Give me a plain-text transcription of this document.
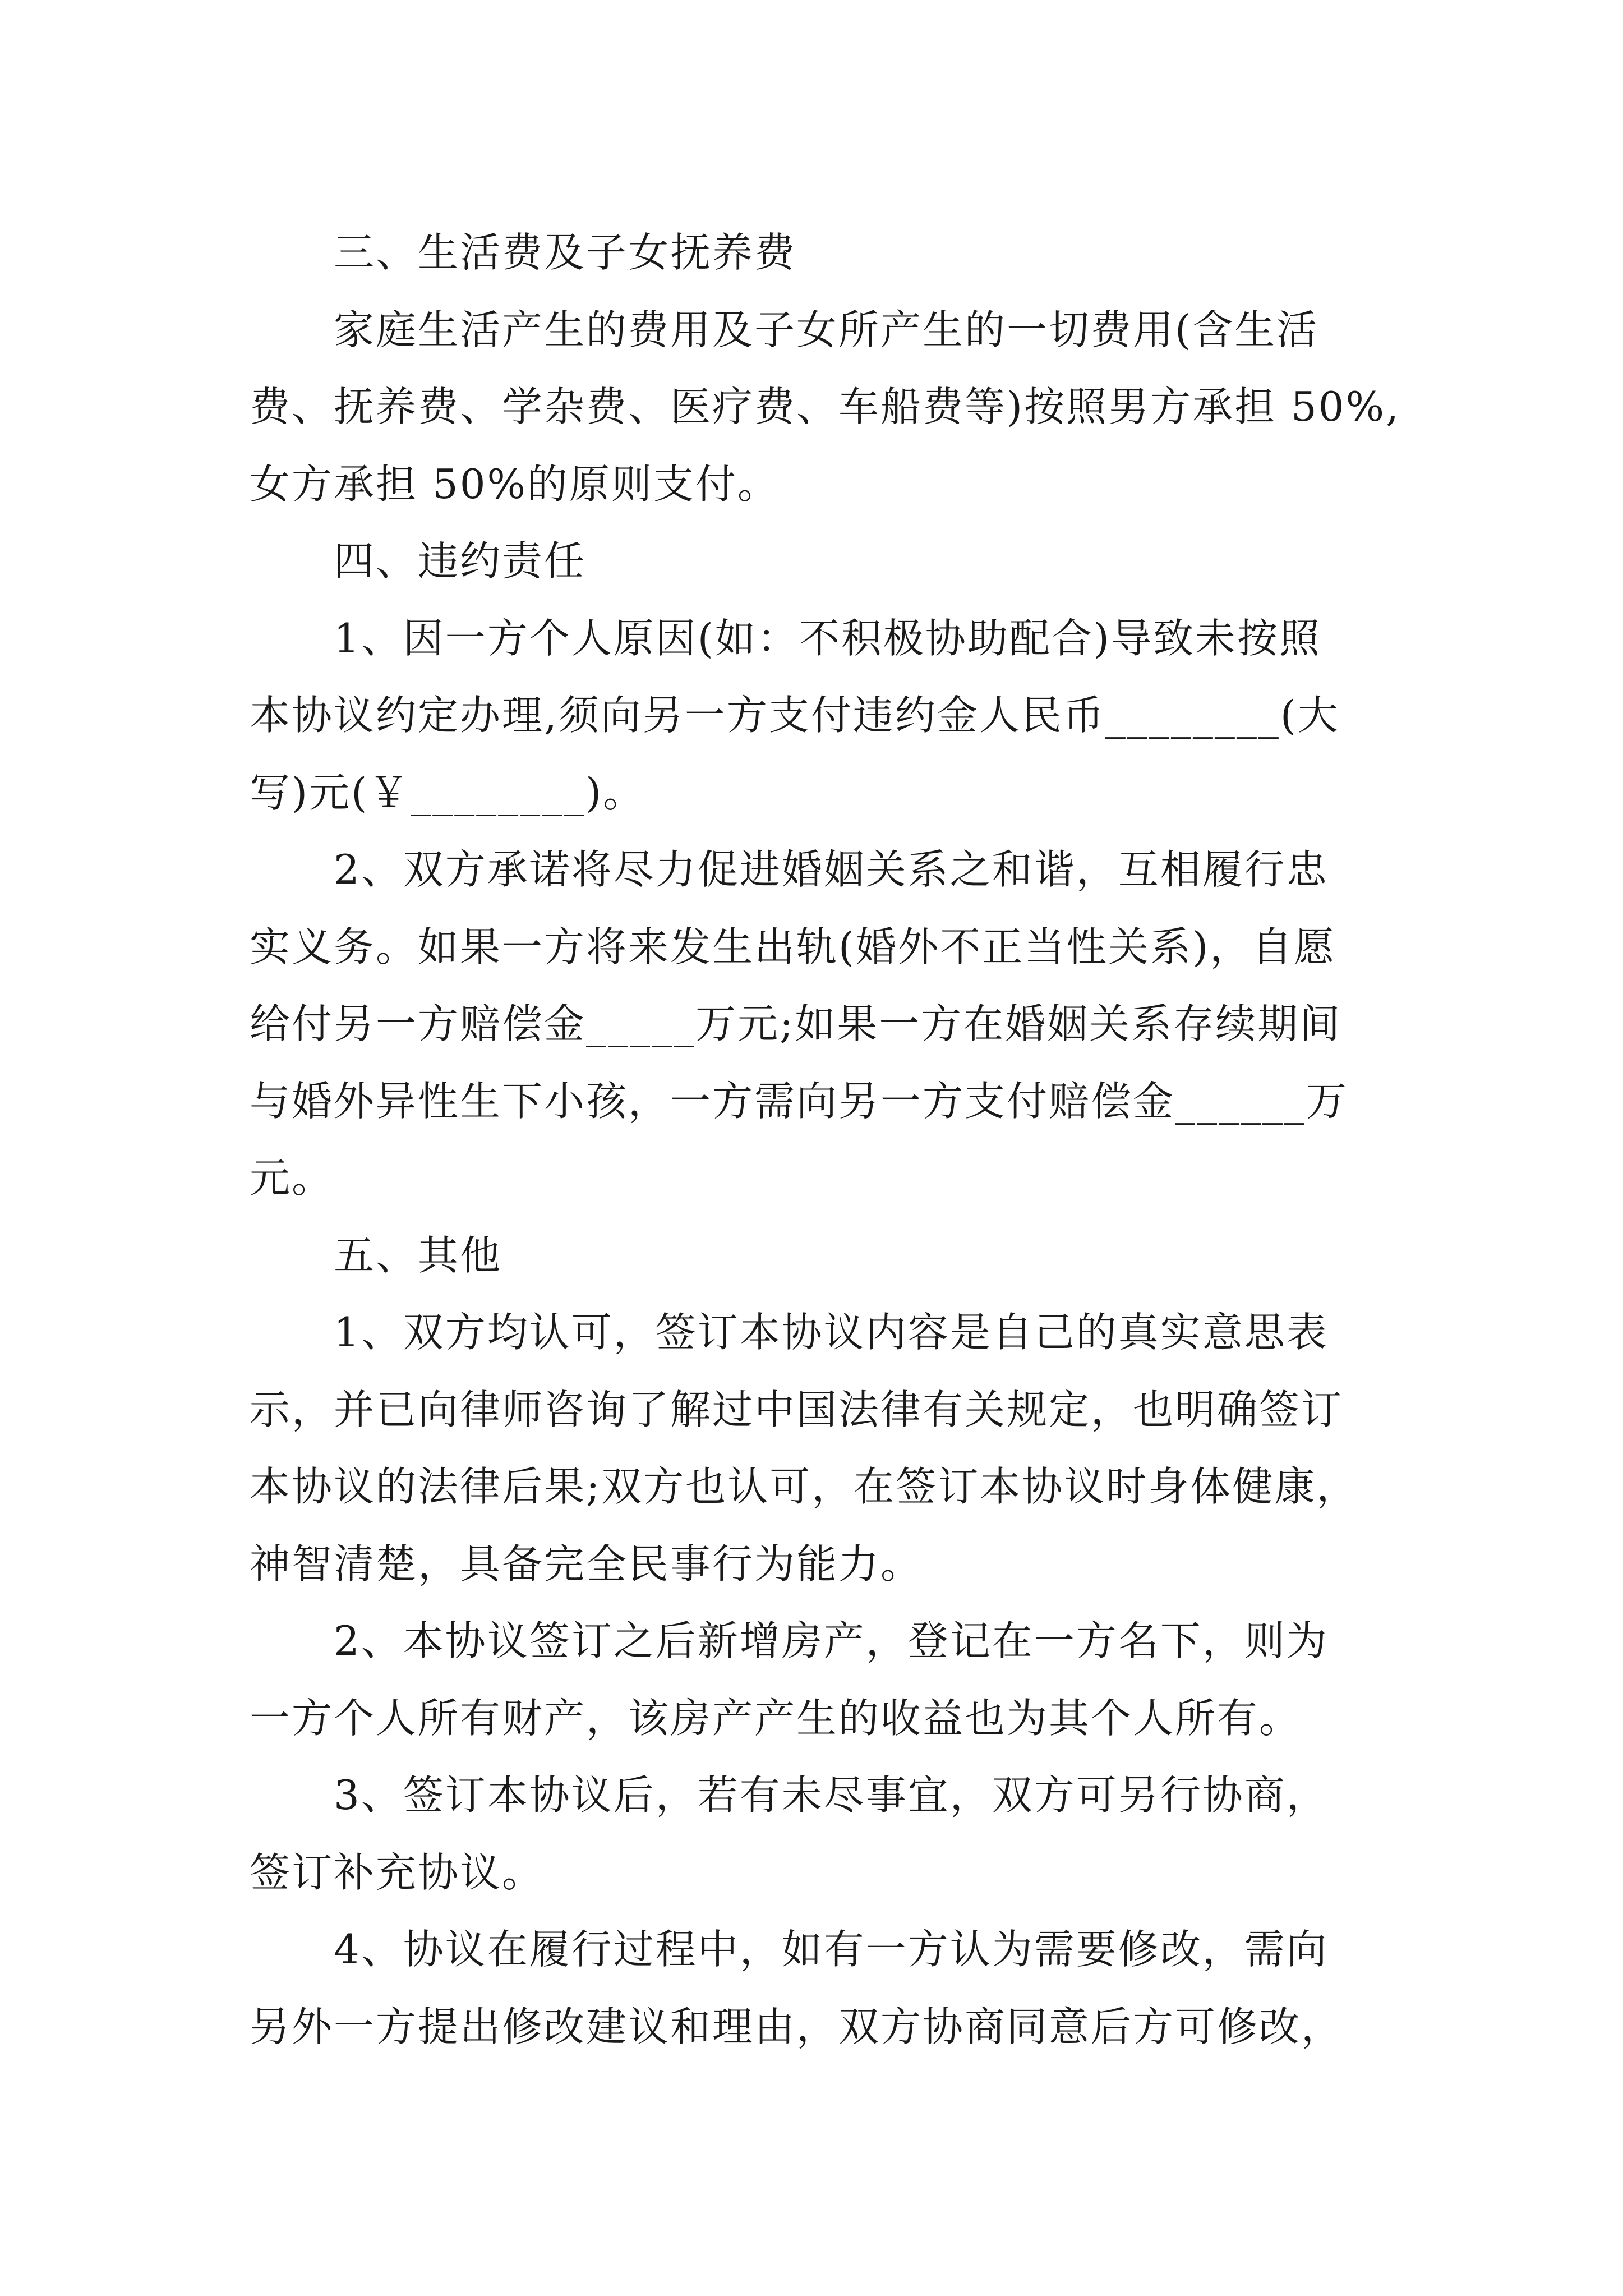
三、生活费及子女抚养费
家庭生活产生的费用及子女所产生的一切费用(含生活
费、抚养费、学杂费、医疗费、车船费等)按照男方承担 50%,
女方承担 50%的原则支付。
四、违约责任
1、因一方个人原因(如：不积极协助配合)导致未按照
本协议约定办理,须向另一方支付违约金人民币________(大
写)元(￥________)。
2、双方承诺将尽力促进婚姻关系之和谐，互相履行忠
实义务。如果一方将来发生出轨(婚外不正当性关系)，自愿
给付另一方赔偿金_____万元;如果一方在婚姻关系存续期间
与婚外异性生下小孩，一方需向另一方支付赔偿金______万
元。
五、其他
1、双方均认可，签订本协议内容是自己的真实意思表
示，并已向律师咨询了解过中国法律有关规定，也明确签订
本协议的法律后果;双方也认可，在签订本协议时身体健康，
神智清楚，具备完全民事行为能力。
2、本协议签订之后新增房产，登记在一方名下，则为
一方个人所有财产，该房产产生的收益也为其个人所有。
3、签订本协议后，若有未尽事宜，双方可另行协商，
签订补充协议。
4、协议在履行过程中，如有一方认为需要修改，需向
另外一方提出修改建议和理由，双方协商同意后方可修改，
